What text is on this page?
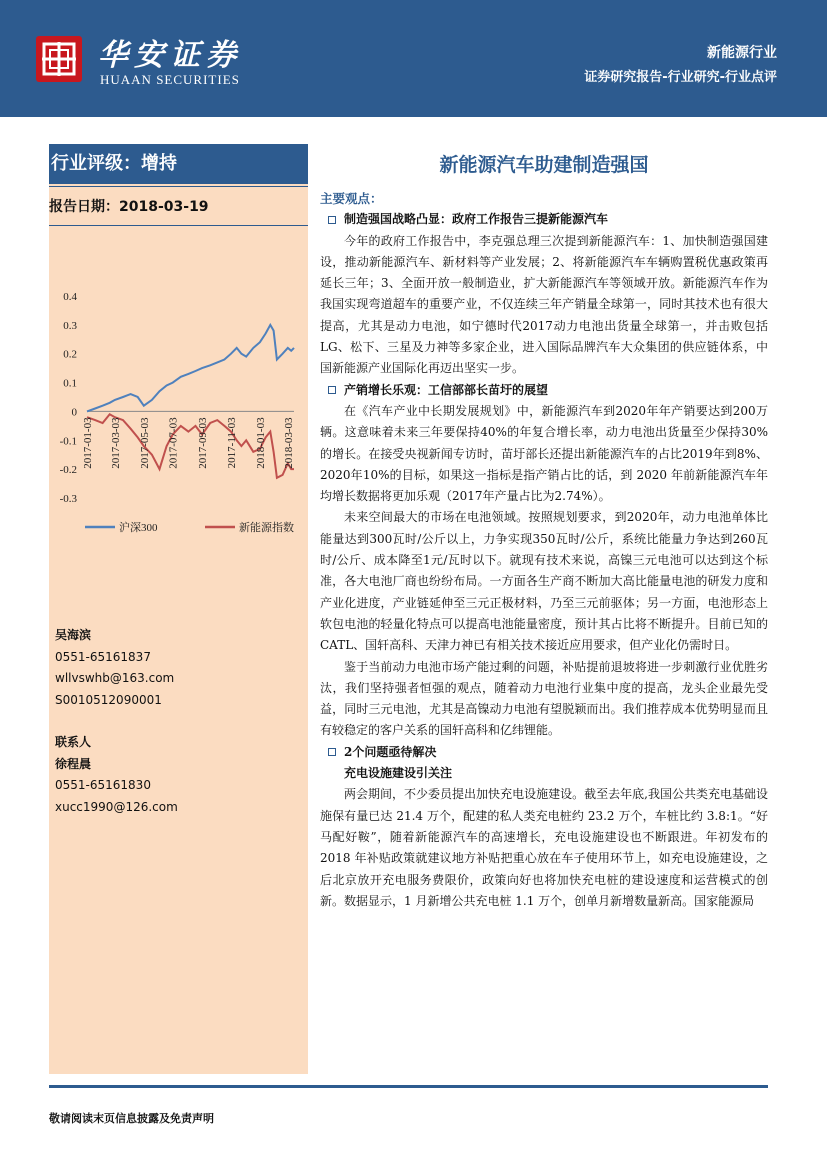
华安证券
HUAAN SECURITIES
新能源行业
证券研究报告-行业研究-行业点评
行业评级：增持
报告日期：2018-03-19
0.4
0.3
0.2
0.1
0
-0.1
-0.2
-0.3
2017-01-03 2017-03-03 2017-05-03 2017-07-03 2017-09-03 2017-11-03 2018-01-03 2018-03-03
沪深300	新能源指数
吴海滨
0551-65161837
wllvswhb@163.com
S0010512090001
联系人
徐程晨
0551-65161830
xucc1990@126.com
新能源汽车助建制造强国

主要观点：

制造强国战略凸显：政府工作报告三提新能源汽车

今年的政府工作报告中，李克强总理三次提到新能源汽车：1、加快制造强国建设，推动新能源汽车、新材料等产业发展；2、将新能源汽车车辆购置税优惠政策再延长三年；3、全面开放一般制造业，扩大新能源汽车等领域开放。新能源汽车作为我国实现弯道超车的重要产业，不仅连续三年产销量全球第一，同时其技术也有很大提高，尤其是动力电池，如宁德时代2017动力电池出货量全球第一，并击败包括LG、松下、三星及力神等多家企业，进入国际品牌汽车大众集团的供应链体系，中国新能源产业国际化再迈出坚实一步。

产销增长乐观：工信部部长苗圩的展望

在《汽车产业中长期发展规划》中，新能源汽车到2020年年产销要达到200万辆。这意味着未来三年要保持40%的年复合增长率，动力电池出货量至少保持30%的增长。在接受央视新闻专访时，苗圩部长还提出新能源汽车的占比2019年到8%、2020年10%的目标，如果这一指标是指产销占比的话，到 2020 年前新能源汽车年均增长数据将更加乐观（2017年产量占比为2.74%）。

未来空间最大的市场在电池领域。按照规划要求，到2020年，动力电池单体比能量达到300瓦时/公斤以上，力争实现350瓦时/公斤，系统比能量力争达到260瓦时/公斤、成本降至1元/瓦时以下。就现有技术来说，高镍三元电池可以达到这个标准，各大电池厂商也纷纷布局。一方面各生产商不断加大高比能量电池的研发力度和产业化进度，产业链延伸至三元正极材料，乃至三元前驱体；另一方面，电池形态上软包电池的轻量化特点可以提高电池能量密度，预计其占比将不断提升。目前已知的 CATL、国轩高科、天津力神已有相关技术接近应用要求，但产业化仍需时日。

鉴于当前动力电池市场产能过剩的问题，补贴提前退坡将进一步刺激行业优胜劣汰，我们坚持强者恒强的观点，随着动力电池行业集中度的提高，龙头企业最先受益，同时三元电池，尤其是高镍动力电池有望脱颖而出。我们推荐成本优势明显而且有较稳定的客户关系的国轩高科和亿纬锂能。

2个问题亟待解决

充电设施建设引关注

两会期间，不少委员提出加快充电设施建设。截至去年底,我国公共类充电基础设施保有量已达 21.4 万个，配建的私人类充电桩约 23.2 万个，车桩比约 3.8:1。“好马配好鞍”，随着新能源汽车的高速增长，充电设施建设也不断跟进。年初发布的 2018 年补贴政策就建议地方补贴把重心放在车子使用环节上，如充电设施建设，之后北京放开充电服务费限价，政策向好也将加快充电桩的建设速度和运营模式的创新。数据显示，1 月新增公共充电桩 1.1 万个，创单月新增数量新高。国家能源局

敬请阅读末页信息披露及免责声明
